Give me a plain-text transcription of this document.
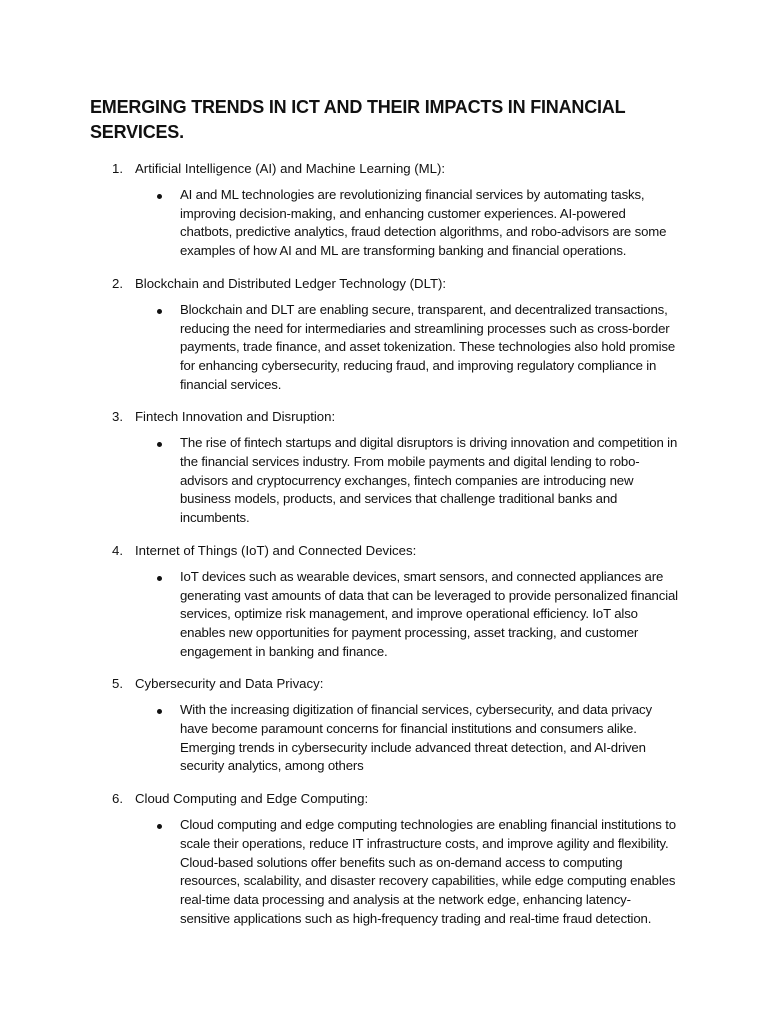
EMERGING TRENDS IN ICT AND THEIR IMPACTS IN FINANCIAL
SERVICES.
1. Artificial Intelligence (AI) and Machine Learning (ML):

AI and ML technologies are revolutionizing financial services by automating tasks, improving decision-making, and enhancing customer experiences. AI-powered chatbots, predictive analytics, fraud detection algorithms, and robo-advisors are some examples of how AI and ML are transforming banking and financial operations.

2. Blockchain and Distributed Ledger Technology (DLT):

Blockchain and DLT are enabling secure, transparent, and decentralized transactions, reducing the need for intermediaries and streamlining processes such as cross-border payments, trade finance, and asset tokenization. These technologies also hold promise for enhancing cybersecurity, reducing fraud, and improving regulatory compliance in financial services.

3. Fintech Innovation and Disruption:

The rise of fintech startups and digital disruptors is driving innovation and competition in the financial services industry. From mobile payments and digital lending to robo-advisors and cryptocurrency exchanges, fintech companies are introducing new business models, products, and services that challenge traditional banks and incumbents.

4. Internet of Things (IoT) and Connected Devices:

IoT devices such as wearable devices, smart sensors, and connected appliances are generating vast amounts of data that can be leveraged to provide personalized financial services, optimize risk management, and improve operational efficiency. IoT also enables new opportunities for payment processing, asset tracking, and customer engagement in banking and finance.

5. Cybersecurity and Data Privacy:

With the increasing digitization of financial services, cybersecurity, and data privacy have become paramount concerns for financial institutions and consumers alike. Emerging trends in cybersecurity include advanced threat detection, and AI-driven security analytics, among others

6. Cloud Computing and Edge Computing:

Cloud computing and edge computing technologies are enabling financial institutions to scale their operations, reduce IT infrastructure costs, and improve agility and flexibility. Cloud-based solutions offer benefits such as on-demand access to computing resources, scalability, and disaster recovery capabilities, while edge computing enables real-time data processing and analysis at the network edge, enhancing latency-sensitive applications such as high-frequency trading and real-time fraud detection.
